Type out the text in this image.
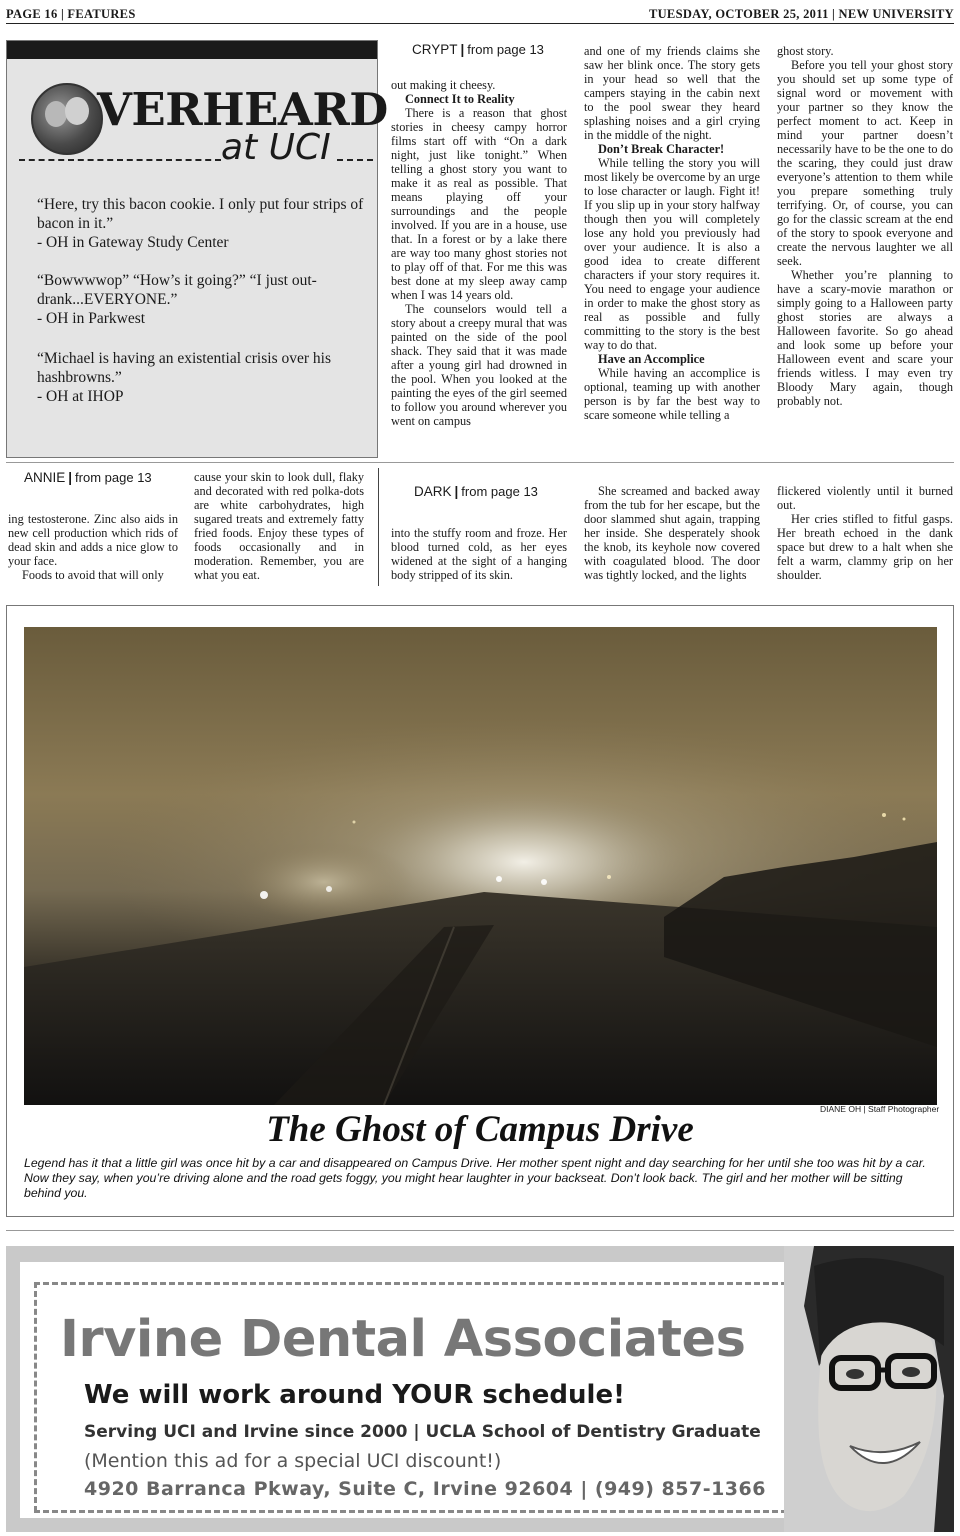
PAGE 16 | FEATURES	TUESDAY, OCTOBER 25, 2011 | NEW UNIVERSITY
VERHEARD
at UCI
“Here, try this bacon cookie. I only put four strips of bacon in it.”
- OH in Gateway Study Center
“Bowwwwop” “How’s it going?” “I just out-drank...EVERYONE.”
- OH in Parkwest
“Michael is having an existential crisis over his hashbrowns.”
- OH at IHOP
CRYPT | from page 13

out making it cheesy.

Connect It to Reality

There is a reason that ghost stories in cheesy campy horror films start off with “On a dark night, just like tonight.” When telling a ghost story you want to make it as real as possible. That means playing off your surroundings and the people involved. If you are in a house, use that. In a forest or by a lake there are way too many ghost stories not to play off of that. For me this was best done at my sleep away camp when I was 14 years old.

The counselors would tell a story about a creepy mural that was painted on the side of the pool shack. They said that it was made after a young girl had drowned in the pool. When you looked at the painting the eyes of the girl seemed to follow you around wherever you went on campus

and one of my friends claims she saw her blink once. The story gets in your head so well that the campers staying in the cabin next to the pool swear they heard splashing noises and a girl crying in the middle of the night.

Don’t Break Character!

While telling the story you will most likely be overcome by an urge to lose character or laugh. Fight it! If you slip up in your story halfway though then you will completely lose any hold you previously had over your audience. It is also a good idea to create different characters if your story requires it. You need to engage your audience in order to make the ghost story as real as possible and fully committing to the story is the best way to do that.

Have an Accomplice

While having an accomplice is optional, teaming up with another person is by far the best way to scare someone while telling a

ghost story.

Before you tell your ghost story you should set up some type of signal word or movement with your partner so they know the perfect moment to act. Keep in mind your partner doesn’t necessarily have to be the one to do the scaring, they could just draw everyone’s attention to them while you prepare something truly terrifying. Or, of course, you can go for the classic scream at the end of the story to spook everyone and create the nervous laughter we all seek.

Whether you’re planning to have a scary-movie marathon or simply going to a Halloween party ghost stories are always a Halloween favorite. So go ahead and look some up before your Halloween event and scare your friends witless. I may even try Bloody Mary again, though probably not.

ANNIE | from page 13

ing testosterone. Zinc also aids in new cell production which rids of dead skin and adds a nice glow to your face.

Foods to avoid that will only

cause your skin to look dull, flaky and decorated with red polka-dots are white carbohydrates, high sugared treats and extremely fatty fried foods. Enjoy these types of foods occasionally and in moderation. Remember, you are what you eat.

DARK | from page 13

into the stuffy room and froze. Her blood turned cold, as her eyes widened at the sight of a hanging body stripped of its skin.

She screamed and backed away from the tub for her escape, but the door slammed shut again, trapping her inside. She desperately shook the knob, its keyhole now covered with coagulated blood. The door was tightly locked, and the lights

flickered violently until it burned out.

Her cries stifled to fitful gasps. Her breath echoed in the dank space but drew to a halt when she felt a warm, clammy grip on her shoulder.

DIANE OH | Staff Photographer
The Ghost of Campus Drive
Legend has it that a little girl was once hit by a car and disappeared on Campus Drive. Her mother spent night and day searching for her until she too was hit by a car. Now they say, when you’re driving alone and the road gets foggy, you might hear laughter in your backseat. Don’t look back. The girl and her mother will be sitting behind you.
Irvine Dental Associates
We will work around YOUR schedule!
Serving UCI and Irvine since 2000 | UCLA School of Dentistry Graduate
(Mention this ad for a special UCI discount!)
4920 Barranca Pkway, Suite C, Irvine 92604 | (949) 857-1366
